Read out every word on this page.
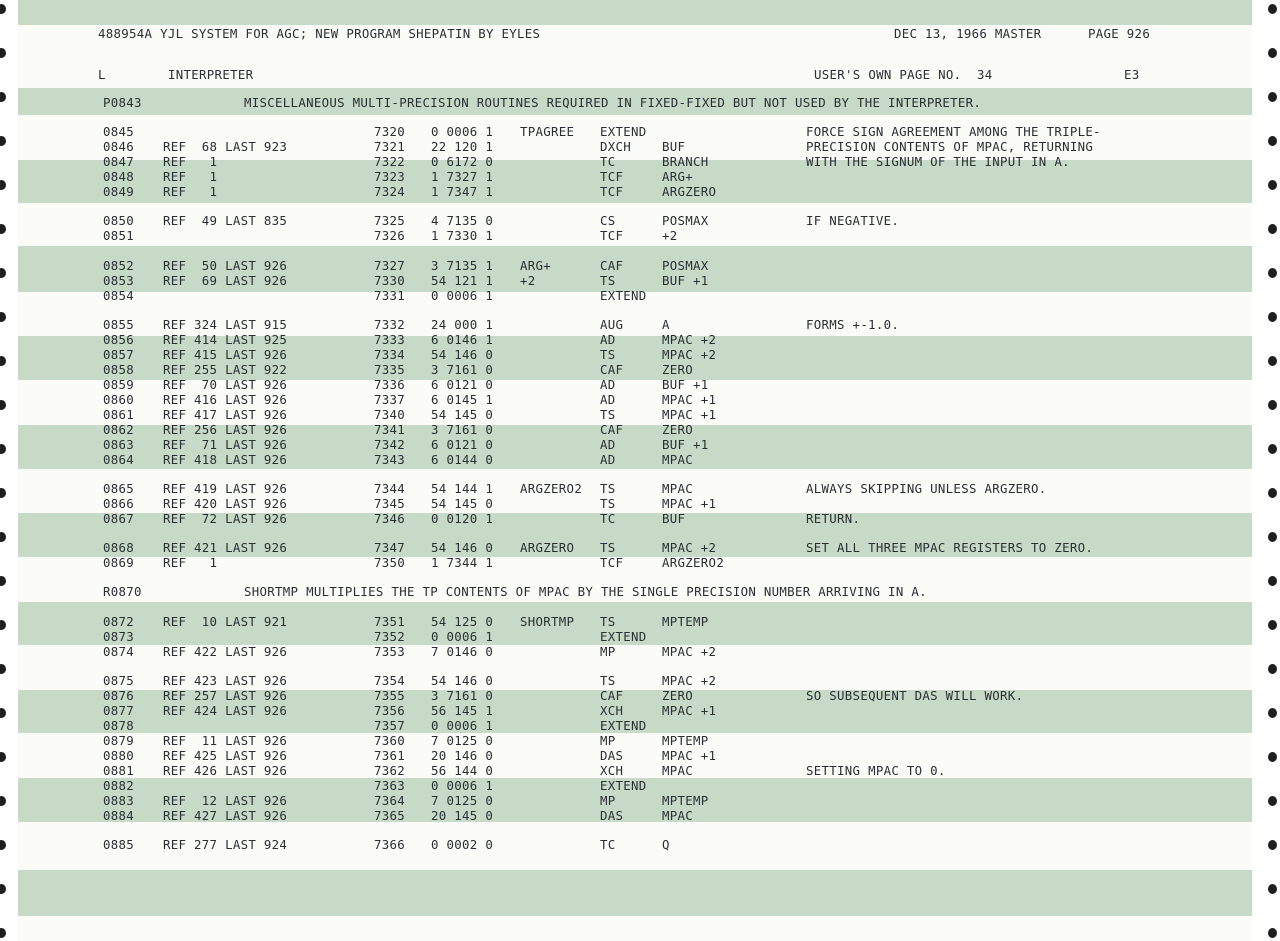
488954A YJL SYSTEM FOR AGC; NEW PROGRAM SHEPATIN BY EYLES	DEC 13, 1966 MASTER	PAGE 926
L	INTERPRETER	USER'S OWN PAGE NO.  34	E3
P0843	MISCELLANEOUS MULTI-PRECISION ROUTINES REQUIRED IN FIXED-FIXED BUT NOT USED BY THE INTERPRETER.
0845	7320 0 0006 1 TPAGREE EXTEND	FORCE SIGN AGREEMENT AMONG THE TRIPLE-
0846 REF  68 LAST 923	7321 22 120 1	DXCH BUF	PRECISION CONTENTS OF MPAC, RETURNING
0847 REF   1	7322 0 6172 0	TC	BRANCH	WITH THE SIGNUM OF THE INPUT IN A.
0848 REF   1	7323 1 7327 1	TCF	ARG+
0849 REF   1	7324 1 7347 1	TCF	ARGZERO
0850 REF  49 LAST 835	7325 4 7135 0	CS	POSMAX	IF NEGATIVE.
0851	7326 1 7330 1	TCF	+2
0852 REF  50 LAST 926	7327 3 7135 1 ARG+	CAF	POSMAX
0853 REF  69 LAST 926	7330 54 121 1 +2	TS	BUF +1
0854	7331 0 0006 1	EXTEND
0855 REF 324 LAST 915	7332 24 000 1	AUG	A	FORMS +-1.0.
0856 REF 414 LAST 925	7333 6 0146 1	AD	MPAC +2
0857 REF 415 LAST 926	7334 54 146 0	TS	MPAC +2
0858 REF 255 LAST 922	7335 3 7161 0	CAF	ZERO
0859 REF  70 LAST 926	7336 6 0121 0	AD	BUF +1
0860 REF 416 LAST 926	7337 6 0145 1	AD	MPAC +1
0861 REF 417 LAST 926	7340 54 145 0	TS	MPAC +1
0862 REF 256 LAST 926	7341 3 7161 0	CAF	ZERO
0863 REF  71 LAST 926	7342 6 0121 0	AD	BUF +1
0864 REF 418 LAST 926	7343 6 0144 0	AD	MPAC
0865 REF 419 LAST 926	7344 54 144 1 ARGZERO2 TS	MPAC	ALWAYS SKIPPING UNLESS ARGZERO.
0866 REF 420 LAST 926	7345 54 145 0	TS	MPAC +1
0867 REF  72 LAST 926	7346 0 0120 1	TC	BUF	RETURN.
0868 REF 421 LAST 926	7347 54 146 0 ARGZERO TS	MPAC +2	SET ALL THREE MPAC REGISTERS TO ZERO.
0869 REF   1	7350 1 7344 1	TCF	ARGZERO2
R0870	SHORTMP MULTIPLIES THE TP CONTENTS OF MPAC BY THE SINGLE PRECISION NUMBER ARRIVING IN A.
0872 REF  10 LAST 921	7351 54 125 0 SHORTMP TS	MPTEMP
0873	7352 0 0006 1	EXTEND
0874 REF 422 LAST 926	7353 7 0146 0	MP	MPAC +2
0875 REF 423 LAST 926	7354 54 146 0	TS	MPAC +2
0876 REF 257 LAST 926	7355 3 7161 0	CAF	ZERO	SO SUBSEQUENT DAS WILL WORK.
0877 REF 424 LAST 926	7356 56 145 1	XCH	MPAC +1
0878	7357 0 0006 1	EXTEND
0879 REF  11 LAST 926	7360 7 0125 0	MP	MPTEMP
0880 REF 425 LAST 926	7361 20 146 0	DAS	MPAC +1
0881 REF 426 LAST 926	7362 56 144 0	XCH	MPAC	SETTING MPAC TO 0.
0882	7363 0 0006 1	EXTEND
0883 REF  12 LAST 926	7364 7 0125 0	MP	MPTEMP
0884 REF 427 LAST 926	7365 20 145 0	DAS	MPAC
0885 REF 277 LAST 924	7366 0 0002 0	TC	Q
